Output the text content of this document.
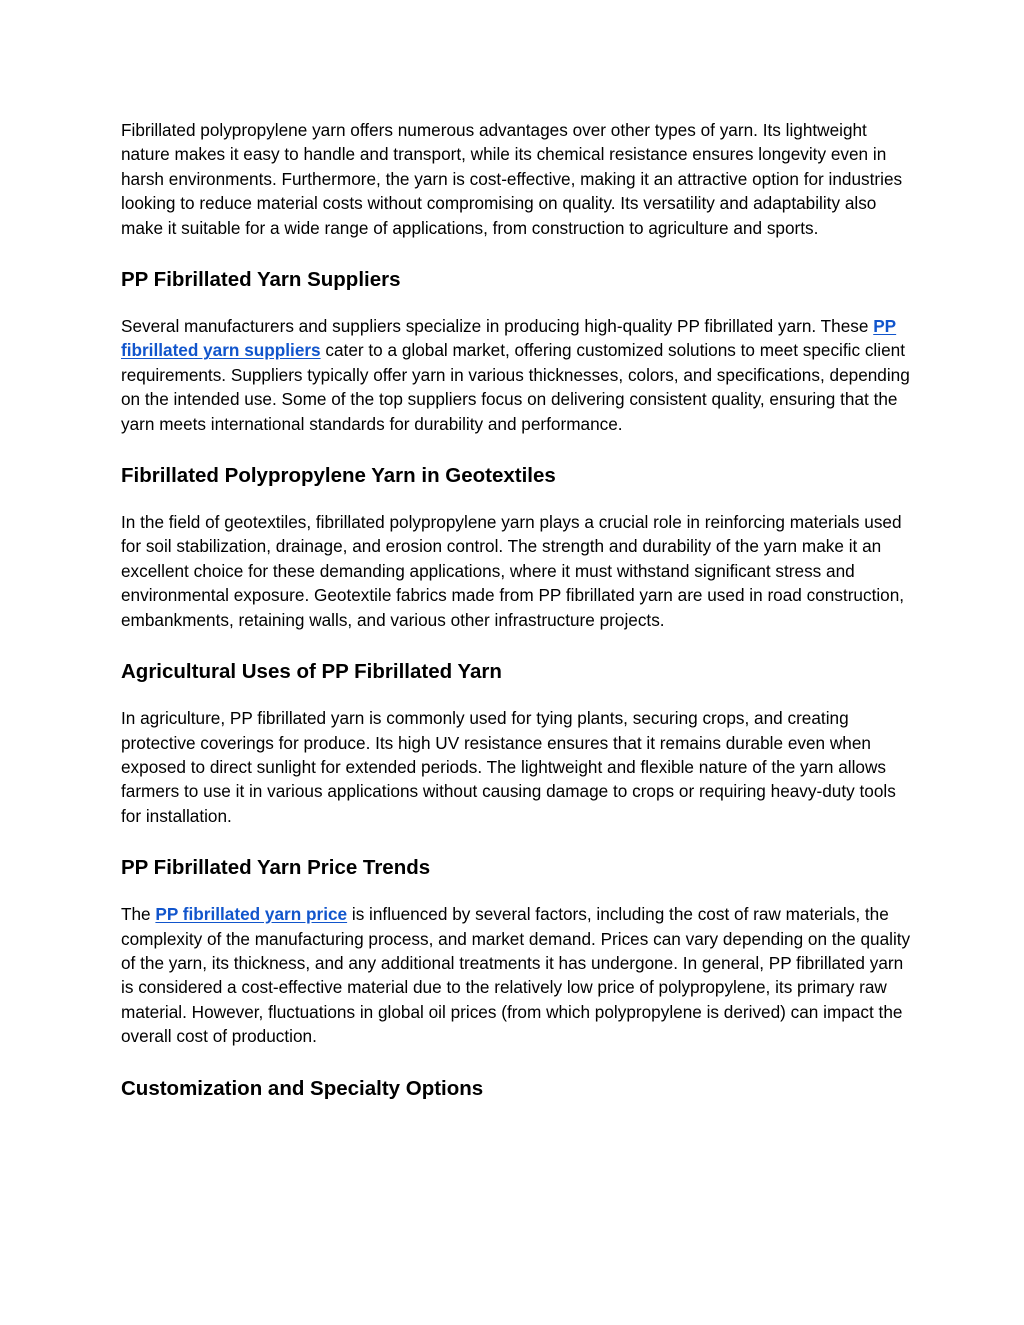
Fibrillated polypropylene yarn offers numerous advantages over other types of yarn. Its lightweight nature makes it easy to handle and transport, while its chemical resistance ensures longevity even in harsh environments. Furthermore, the yarn is cost-effective, making it an attractive option for industries looking to reduce material costs without compromising on quality. Its versatility and adaptability also make it suitable for a wide range of applications, from construction to agriculture and sports.

PP Fibrillated Yarn Suppliers

Several manufacturers and suppliers specialize in producing high-quality PP fibrillated yarn. These PP fibrillated yarn suppliers cater to a global market, offering customized solutions to meet specific client requirements. Suppliers typically offer yarn in various thicknesses, colors, and specifications, depending on the intended use. Some of the top suppliers focus on delivering consistent quality, ensuring that the yarn meets international standards for durability and performance.

Fibrillated Polypropylene Yarn in Geotextiles

In the field of geotextiles, fibrillated polypropylene yarn plays a crucial role in reinforcing materials used for soil stabilization, drainage, and erosion control. The strength and durability of the yarn make it an excellent choice for these demanding applications, where it must withstand significant stress and environmental exposure. Geotextile fabrics made from PP fibrillated yarn are used in road construction, embankments, retaining walls, and various other infrastructure projects.

Agricultural Uses of PP Fibrillated Yarn

In agriculture, PP fibrillated yarn is commonly used for tying plants, securing crops, and creating protective coverings for produce. Its high UV resistance ensures that it remains durable even when exposed to direct sunlight for extended periods. The lightweight and flexible nature of the yarn allows farmers to use it in various applications without causing damage to crops or requiring heavy-duty tools for installation.

PP Fibrillated Yarn Price Trends

The PP fibrillated yarn price is influenced by several factors, including the cost of raw materials, the complexity of the manufacturing process, and market demand. Prices can vary depending on the quality of the yarn, its thickness, and any additional treatments it has undergone. In general, PP fibrillated yarn is considered a cost-effective material due to the relatively low price of polypropylene, its primary raw material. However, fluctuations in global oil prices (from which polypropylene is derived) can impact the overall cost of production.

Customization and Specialty Options
